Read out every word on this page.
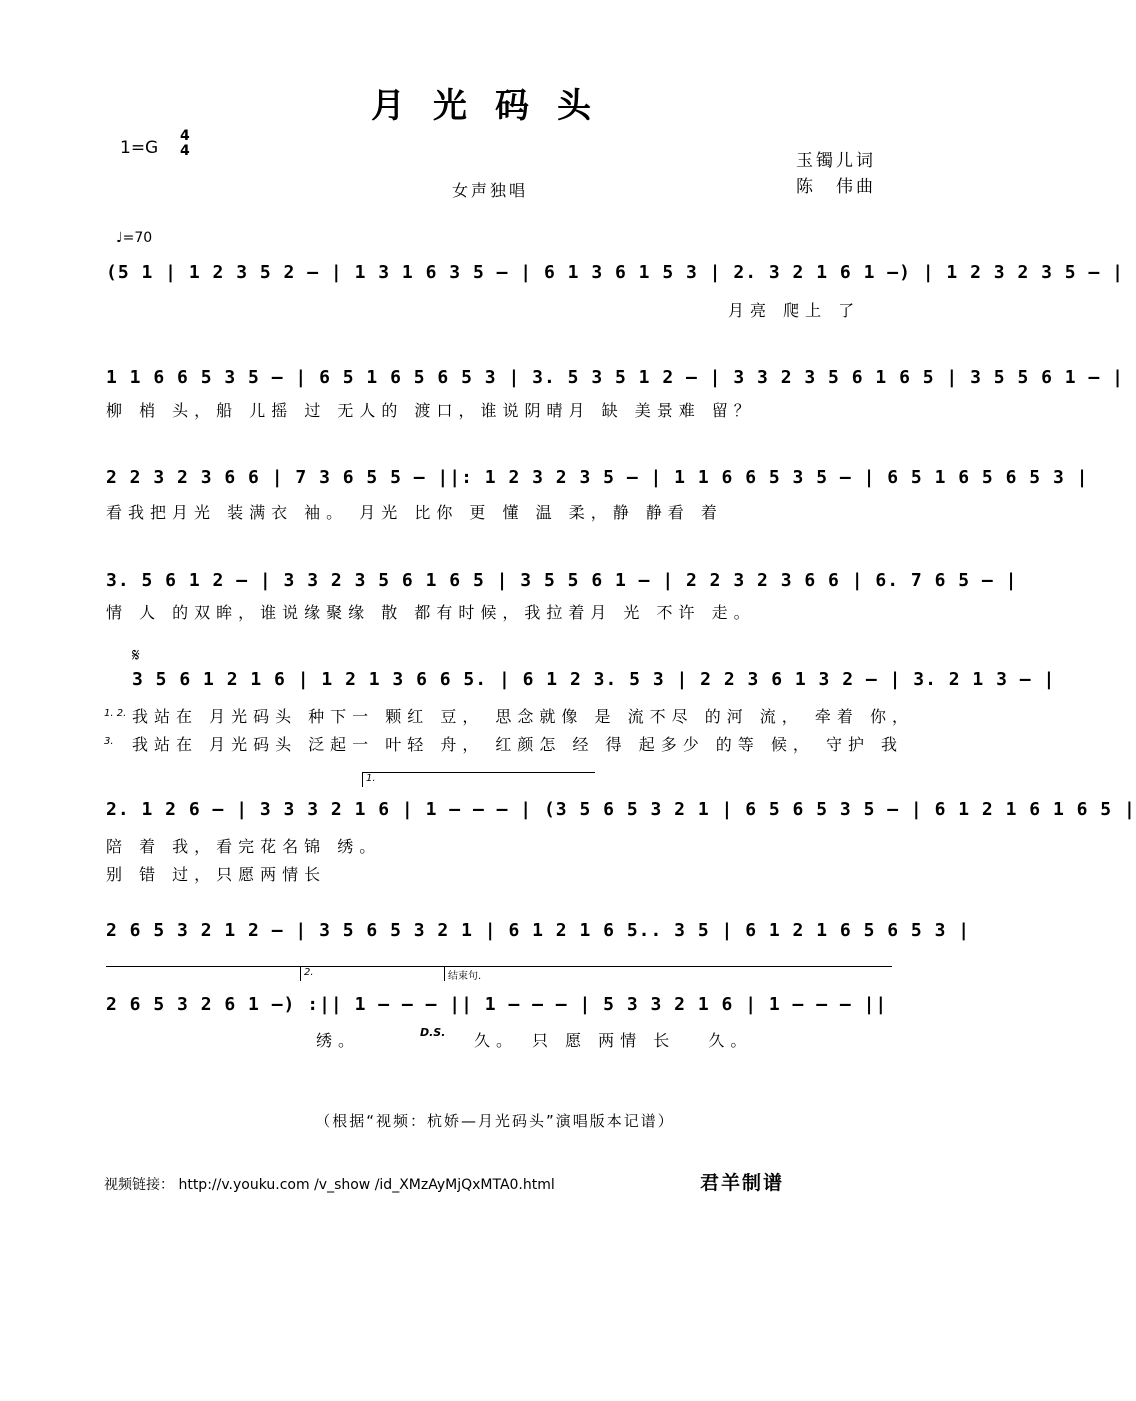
月光码头
1=G
4
4	玉镯儿词
陈　伟曲
女声独唱
♩=70
(5 1 | 1 2 3 5 2 – | 1 3 1 6 3 5 – | 6 1 3 6 1 5 3 | 2. 3 2 1 6 1 –) | 1 2 3 2 3 5 – |
月亮 爬上 了
1 1 6 6 5 3 5 – | 6 5 1 6 5 6 5 3 | 3. 5 3 5 1 2 – | 3 3 2 3 5 6 1 6 5 | 3 5 5 6 1 – |
柳 梢 头，船 儿摇 过 无人的 渡口，谁说阴晴月 缺 美景难 留？
2 2 3 2 3 6 6 | 7 3 6 5 5 – ||: 1 2 3 2 3 5 – | 1 1 6 6 5 3 5 – | 6 5 1 6 5 6 5 3 |
看我把月光 装满衣 袖。 月光 比你 更 懂 温 柔，静 静看 着
3. 5 6 1 2 – | 3 3 2 3 5 6 1 6 5 | 3 5 5 6 1 – | 2 2 3 2 3 6 6 | 6. 7 6 5 – |
情 人 的双眸，谁说缘聚缘 散 都有时候，我拉着月 光 不许 走。
𝄋
3 5 6 1 2 1 6 | 1 2 1 3 6 6 5. | 6 1 2 3. 5 3 | 2 2 3 6 1 3 2 – | 3. 2 1 3 – |
1. 2. 我站在 月光码头 种下一 颗红 豆， 思念就像 是 流不尽 的河 流， 牵着 你，
3. 我站在 月光码头 泛起一 叶轻 舟， 红颜怎 经 得 起多少 的等 候， 守护 我
1.
2. 1 2 6 – | 3 3 3 2 1 6 | 1 – – – | (3 5 6 5 3 2 1 | 6 5 6 5 3 5 – | 6 1 2 1 6 1 6 5 |
陪 着 我，看完花名锦 绣。
别 错 过，只愿两情长
2 6 5 3 2 1 2 – | 3 5 6 5 3 2 1 | 6 1 2 1 6 5.. 3 5 | 6 1 2 1 6 5 6 5 3 |
2.	结束句.
2 6 5 3 2 6 1 –) :|| 1 – – – || 1 – – – | 5 3 3 2 1 6 | 1 – – – ||
绣。	D.S. 久。　只 愿 两情 长　 久。
（根据“视频：杭娇—月光码头”演唱版本记谱）
视频链接： http://v.youku.com /v_show /id_XMzAyMjQxMTA0.html	君羊制谱
